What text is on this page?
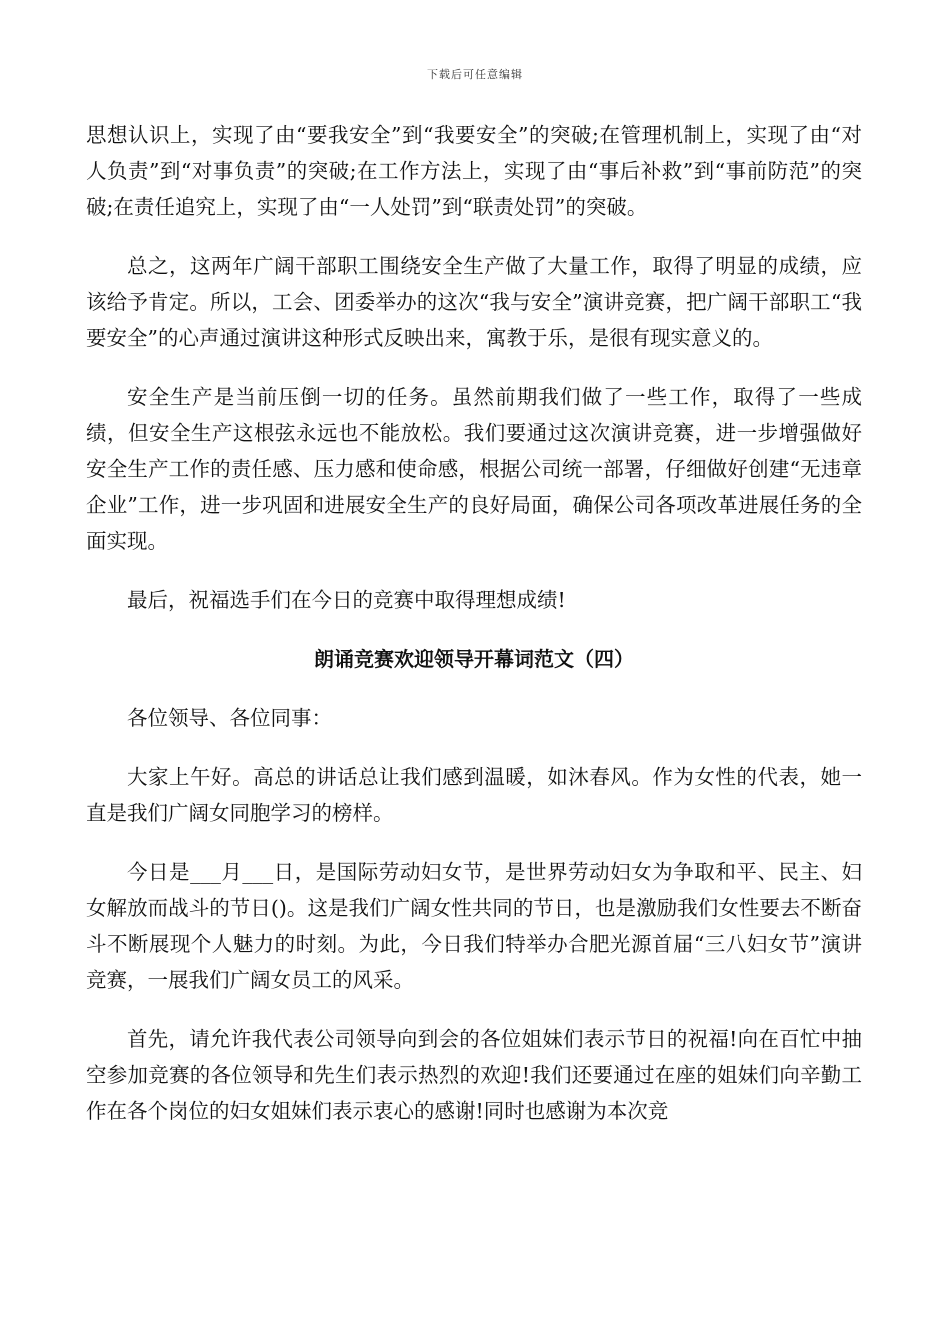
下载后可任意编辑

思想认识上，实现了由“要我安全”到“我要安全”的突破;在管理机制上，实现了由“对人负责”到“对事负责”的突破;在工作方法上，实现了由“事后补救”到“事前防范”的突破;在责任追究上，实现了由“一人处罚”到“联责处罚”的突破。

总之，这两年广阔干部职工围绕安全生产做了大量工作，取得了明显的成绩，应该给予肯定。所以，工会、团委举办的这次“我与安全”演讲竞赛，把广阔干部职工“我要安全”的心声通过演讲这种形式反映出来，寓教于乐，是很有现实意义的。

安全生产是当前压倒一切的任务。虽然前期我们做了一些工作，取得了一些成绩，但安全生产这根弦永远也不能放松。我们要通过这次演讲竞赛，进一步增强做好安全生产工作的责任感、压力感和使命感，根据公司统一部署，仔细做好创建“无违章企业”工作，进一步巩固和进展安全生产的良好局面，确保公司各项改革进展任务的全面实现。

最后，祝福选手们在今日的竞赛中取得理想成绩!

朗诵竞赛欢迎领导开幕词范文（四）

各位领导、各位同事：

大家上午好。高总的讲话总让我们感到温暖，如沐春风。作为女性的代表，她一直是我们广阔女同胞学习的榜样。

今日是___月___日，是国际劳动妇女节，是世界劳动妇女为争取和平、民主、妇女解放而战斗的节日()。这是我们广阔女性共同的节日，也是激励我们女性要去不断奋斗不断展现个人魅力的时刻。为此，今日我们特举办合肥光源首届“三八妇女节”演讲竞赛，一展我们广阔女员工的风采。

首先，请允许我代表公司领导向到会的各位姐妹们表示节日的祝福!向在百忙中抽空参加竞赛的各位领导和先生们表示热烈的欢迎!我们还要通过在座的姐妹们向辛勤工作在各个岗位的妇女姐妹们表示衷心的感谢!同时也感谢为本次竞
